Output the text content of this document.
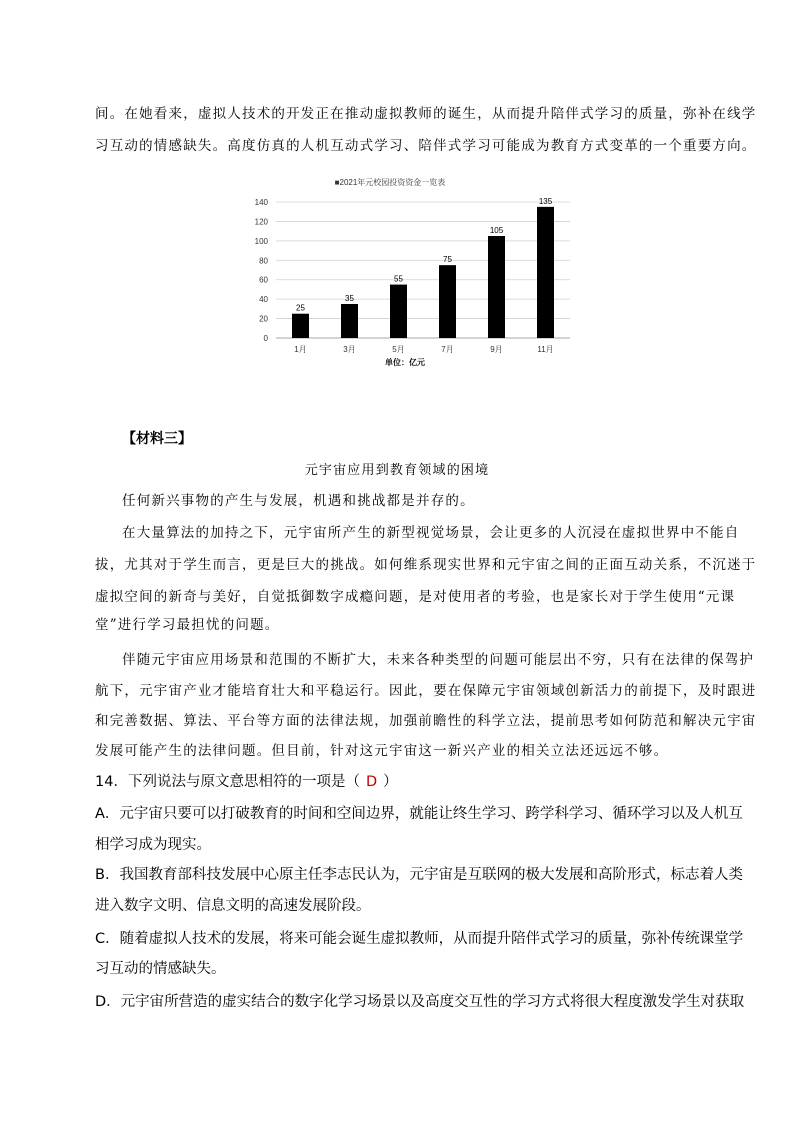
间。在她看来，虚拟人技术的开发正在推动虚拟教师的诞生，从而提升陪伴式学习的质量，弥补在线学
习互动的情感缺失。高度仿真的人机互动式学习、陪伴式学习可能成为教育方式变革的一个重要方向。
■2021年元校园投资资金一览表
0
20
40
60
80
100
120
140
25
35
55
75
105
135
1月	3月	5月	7月	9月	11月
单位：亿元
【材料三】
元宇宙应用到教育领域的困境
任何新兴事物的产生与发展，机遇和挑战都是并存的。
在大量算法的加持之下，元宇宙所产生的新型视觉场景，会让更多的人沉浸在虚拟世界中不能自
拔，尤其对于学生而言，更是巨大的挑战。如何维系现实世界和元宇宙之间的正面互动关系，不沉迷于
虚拟空间的新奇与美好，自觉抵御数字成瘾问题，是对使用者的考验，也是家长对于学生使用“元课
堂”进行学习最担忧的问题。
伴随元宇宙应用场景和范围的不断扩大，未来各种类型的问题可能层出不穷，只有在法律的保驾护
航下，元宇宙产业才能培育壮大和平稳运行。因此，要在保障元宇宙领域创新活力的前提下，及时跟进
和完善数据、算法、平台等方面的法律法规，加强前瞻性的科学立法，提前思考如何防范和解决元宇宙
发展可能产生的法律问题。但目前，针对这元宇宙这一新兴产业的相关立法还远远不够。
14．下列说法与原文意思相符的一项是（ D ）
A．元宇宙只要可以打破教育的时间和空间边界，就能让终生学习、跨学科学习、循环学习以及人机互
相学习成为现实。
B．我国教育部科技发展中心原主任李志民认为，元宇宙是互联网的极大发展和高阶形式，标志着人类
进入数字文明、信息文明的高速发展阶段。
C．随着虚拟人技术的发展，将来可能会诞生虚拟教师，从而提升陪伴式学习的质量，弥补传统课堂学
习互动的情感缺失。
D．元宇宙所营造的虚实结合的数字化学习场景以及高度交互性的学习方式将很大程度激发学生对获取
